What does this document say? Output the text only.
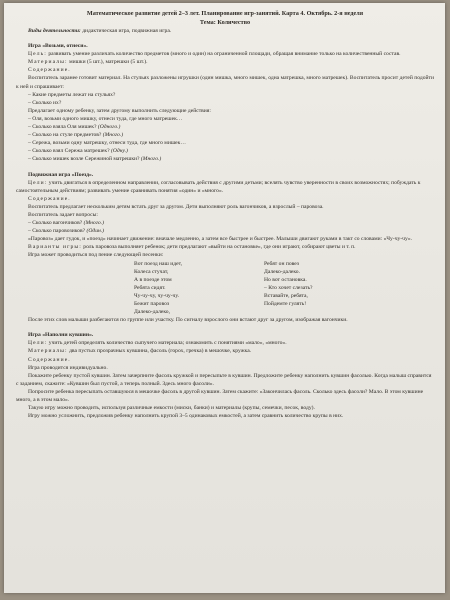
Математическое развитие детей 2–3 лет. Планирование игр-занятий. Карта 4. Октябрь. 2-я неделя

Тема: Количество

Виды деятельности: дидактическая игра, подвижная игра.

Игра «Возьми, отнеси».

Цель: развивать умение различать количество предметов (много и один) на ограниченной площади, обращая внимание только на количественный состав.

Материалы: мишки (5 шт.), матрешки (5 шт.).

Содержание.

Воспитатель заранее готовит материал. На стульях разложены игрушки (один мишка, много мишек, одна матрешка, много матрешек). Воспитатель просит детей подойти к ней и спрашивает:

– Какие предметы лежат на стульях?

– Сколько их?

Предлагает одному ребенку, затем другому выполнить следующие действия:

– Оля, возьми одного мишку, отнеси туда, где много матрешек…

– Сколько взяла Оля мишек? (Одного.)

– Сколько на стуле предметов? (Много.)

– Сережа, возьми одну матрешку, отнеси туда, где много мишек…

– Сколько взял Сережа матрешек? (Одну.)

– Сколько мишек возле Сережиной матрешки? (Много.)

Подвижная игра «Поезд».

Цели: учить двигаться в определенном направлении, согласовывать действия с другими детьми; вселять чувство уверенности в своих возможностях; побуждать к самостоятельным действиям; развивать умение сравнивать понятия «один» и «много».

Содержание.

Воспитатель предлагает нескольким детям встать друг за другом. Дети выполняют роль вагончиков, а взрослый – паровоза.

Воспитатель задает вопросы:

– Сколько вагончиков? (Много.)

– Сколько паровозиков? (Один.)

«Паровоз» дает гудок, и «поезд» начинает движение: вначале медленно, а затем все быстрее и быстрее. Малыши двигают руками в такт со словами: «Чу-чу-чу».

Варианты игры: роль паровоза выполняет ребенок; дети предлагают «выйти на остановке», где они играют, собирают цветы и т. п.

Игра может проводиться под пение следующей песенки:

Вот поезд наш идет,

Колеса стучат,

А в поезде этом

Ребята сидят.

Чу-чу-чу, чу-чу-чу.

Бежит паровоз

Далеко-далеко,

Ребят он повез

Далеко-далеко.

Но вот остановка.

– Кто хочет слезать?

Вставайте, ребята,

Пойдемте гулять!

После этих слов малыши разбегаются по группе или участку. По сигналу взрослого они встают друг за другом, изображая вагончики.

Игра «Наполни кувшин».

Цели: учить детей определять количество сыпучего материала; ознакомить с понятиями «мало», «много».

Материалы: два пустых прозрачных кувшина, фасоль (горох, гречка) в мешочке, кружка.

Содержание.

Игра проводится индивидуально.

Покажите ребенку пустой кувшин. Затем зачерпните фасоль кружкой и пересыпьте в кувшин. Предложите ребенку наполнить кувшин фасолью. Когда малыш справится с заданием, скажите: «Кувшин был пустой, а теперь полный. Здесь много фасоли».

Попросите ребенка пересыпать оставшуюся в мешочке фасоль в другой кувшин. Затем скажите: «Закончилась фасоль. Сколько здесь фасоли? Мало. В этом кувшине много, а в этом мало».

Такую игру можно проводить, используя различные емкости (миски, банки) и материалы (крупы, семечки, песок, воду).

Игру можно усложнить, предложив ребенку наполнить крупой 3–5 одинаковых емкостей, а затем сравнить количество крупы в них.
